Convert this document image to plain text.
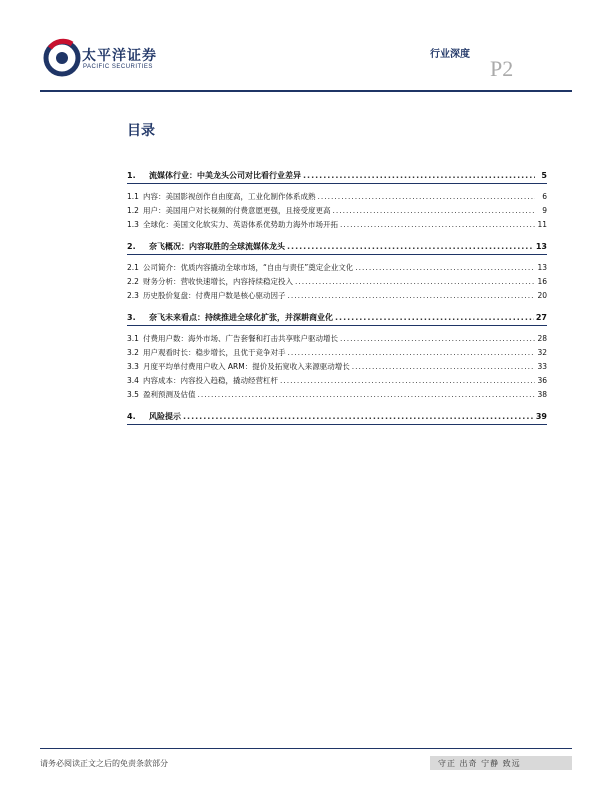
太平洋证券
PACIFIC SECURITIES
行业深度
P2
目录
1. 流媒体行业：中美龙头公司对比看行业差异 .....	5
1.1 内容：美国影视创作自由度高，工业化制作体系成熟 .....	6
1.2 用户：美国用户对长视频的付费意愿更强，且接受度更高 .....	9
1.3 全球化：美国文化软实力、英语体系优势助力海外市场开拓 .....	11
2. 奈飞概况：内容取胜的全球流媒体龙头 .....	13
2.1 公司简介：优质内容撬动全球市场，“自由与责任”奠定企业文化 .....	13
2.2 财务分析：营收快速增长，内容持续稳定投入 .....	16
2.3 历史股价复盘：付费用户数是核心驱动因子 .....	20
3. 奈飞未来看点：持续推进全球化扩张，并深耕商业化 .....	27
3.1 付费用户数：海外市场、广告套餐和打击共享账户驱动增长 .....	28
3.2 用户观看时长：稳步增长，且优于竞争对手 .....	32
3.3 月度平均单付费用户收入 ARM：提价及拓宽收入来源驱动增长 .....	33
3.4 内容成本：内容投入趋稳，撬动经营杠杆 .....	36
3.5 盈利预测及估值 .....	38
4. 风险提示 .....	39
请务必阅读正文之后的免责条款部分	守正 出奇 宁静 致远
